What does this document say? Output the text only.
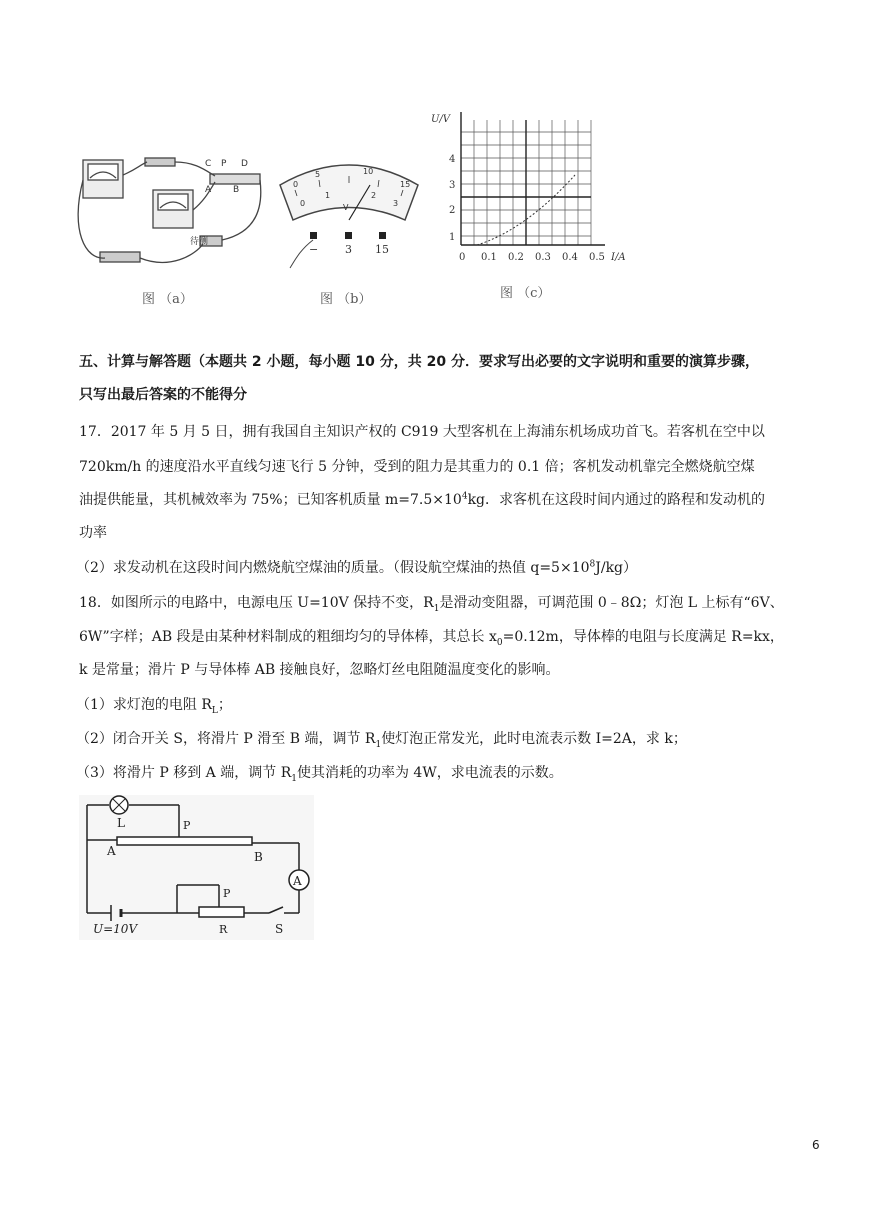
C P D
A B
待测
图 （a）
0
5	10
15
0
1	2
3
V
− 3 15
图 （b）
U/V
I/A
1
2
3
4
0 0.1 0.2 0.3 0.4 0.5
图 （c）
五、计算与解答题（本题共 2 小题，每小题 10 分，共 20 分．要求写出必要的文字说明和重要的演算步骤，
只写出最后答案的不能得分
17．2017 年 5 月 5 日，拥有我国自主知识产权的 C919 大型客机在上海浦东机场成功首飞。若客机在空中以
720km/h 的速度沿水平直线匀速飞行 5 分钟，受到的阻力是其重力的 0.1 倍；客机发动机靠完全燃烧航空煤
油提供能量，其机械效率为 75%；已知客机质量 $m=7.5\times 10^4kg$．求客机在这段时间内通过的路程和发动机的
功率
（2）求发动机在这段时间内燃烧航空煤油的质量。（假设航空煤油的热值 $q=5\times 10^8J/kg$）
18．如图所示的电路中，电源电压 U=10V 保持不变，$R_1$是滑动变阻器，可调范围 0﹣8Ω；灯泡 L 上标有“6V、
6W”字样；AB 段是由某种材料制成的粗细均匀的导体棒，其总长 $x_0=0.12m$，导体棒的电阻与长度满足 R=kx，
k 是常量；滑片 P 与导体棒 AB 接触良好，忽略灯丝电阻随温度变化的影响。
（1）求灯泡的电阻 $R_L$；
（2）闭合开关 S，将滑片 P 滑至 B 端，调节 $R_1$使灯泡正常发光，此时电流表示数 I=2A，求 k；
（3）将滑片 P 移到 A 端，调节 $R_1$使其消耗的功率为 4W，求电流表的示数。
A
L	P
A	B
P
R	S
U=10V
6
